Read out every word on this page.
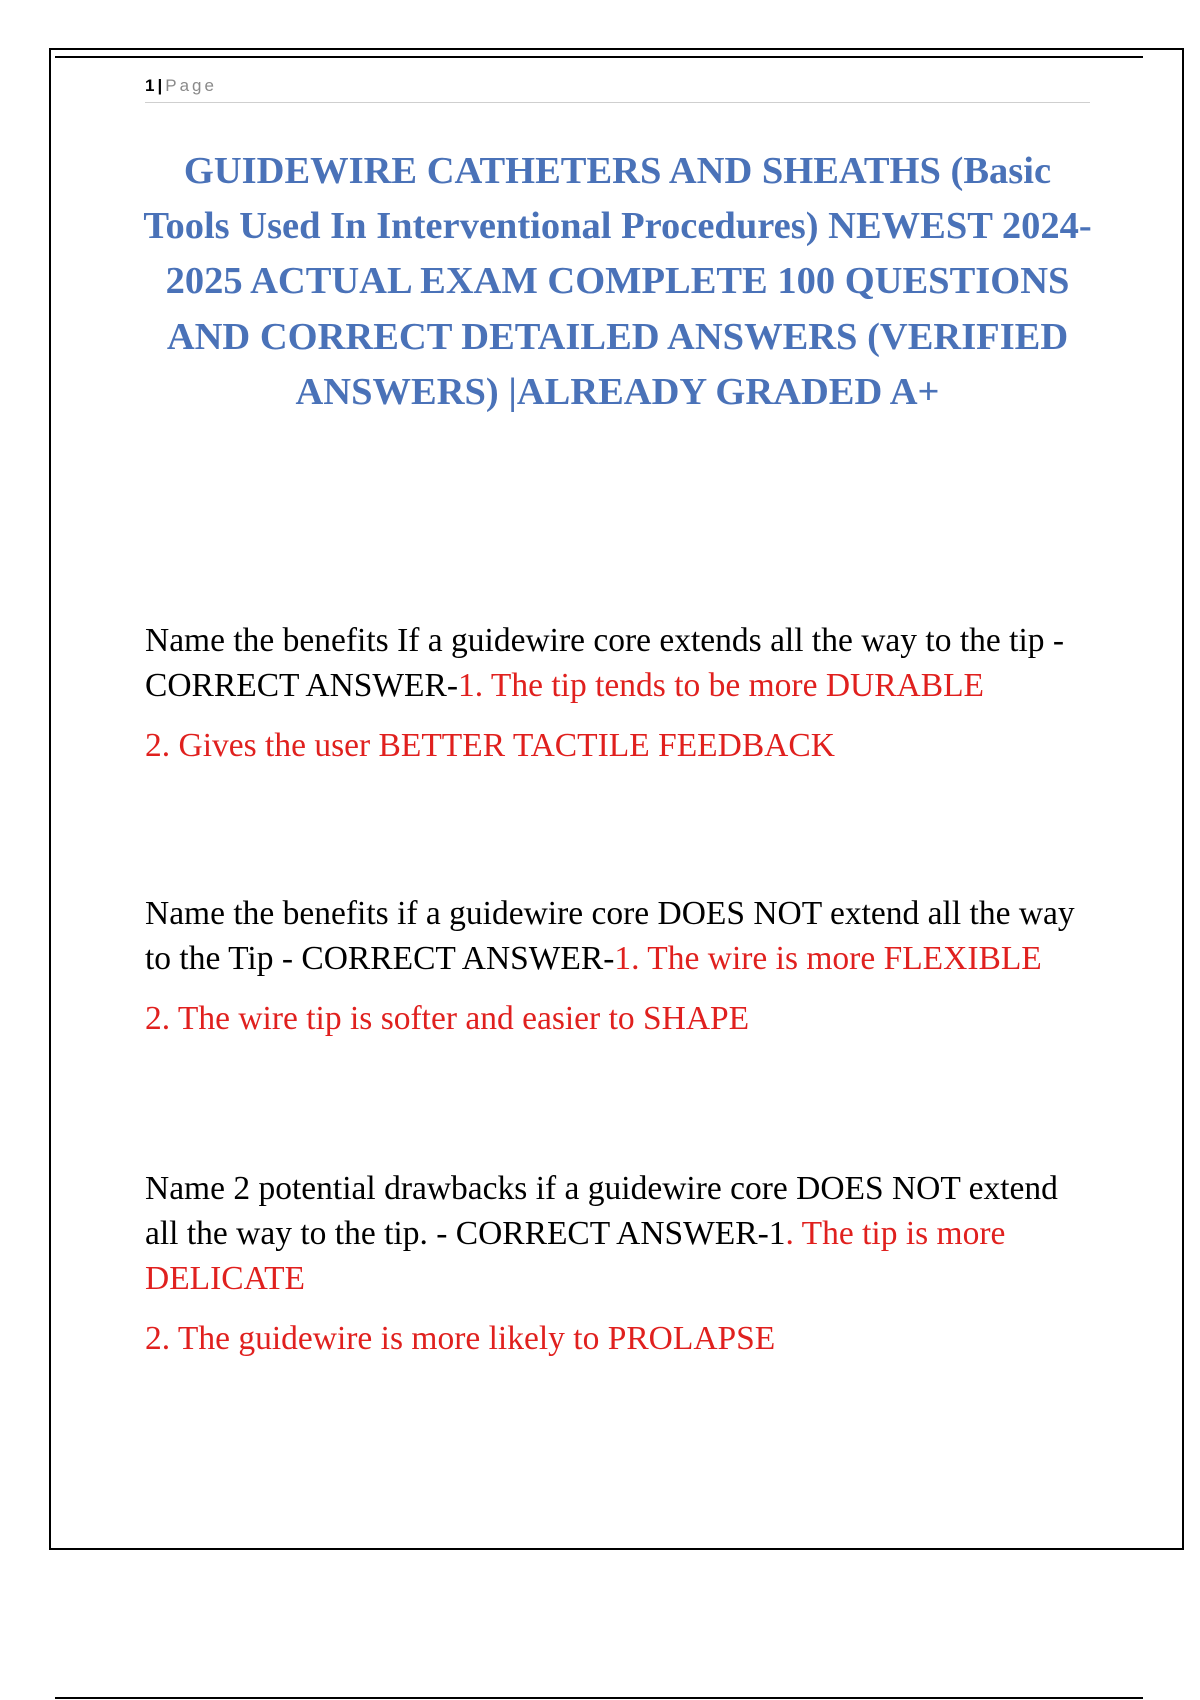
1 | Page
GUIDEWIRE CATHETERS AND SHEATHS (Basic Tools Used In Interventional Procedures) NEWEST 2024-2025 ACTUAL EXAM COMPLETE 100 QUESTIONS AND CORRECT DETAILED ANSWERS (VERIFIED ANSWERS) |ALREADY GRADED A+

Name the benefits If a guidewire core extends all the way to the tip - CORRECT ANSWER-1. The tip tends to be more DURABLE

2. Gives the user BETTER TACTILE FEEDBACK

Name the benefits if a guidewire core DOES NOT extend all the way to the Tip - CORRECT ANSWER-1. The wire is more FLEXIBLE

2. The wire tip is softer and easier to SHAPE

Name 2 potential drawbacks if a guidewire core DOES NOT extend all the way to the tip. - CORRECT ANSWER-1. The tip is more DELICATE

2. The guidewire is more likely to PROLAPSE
